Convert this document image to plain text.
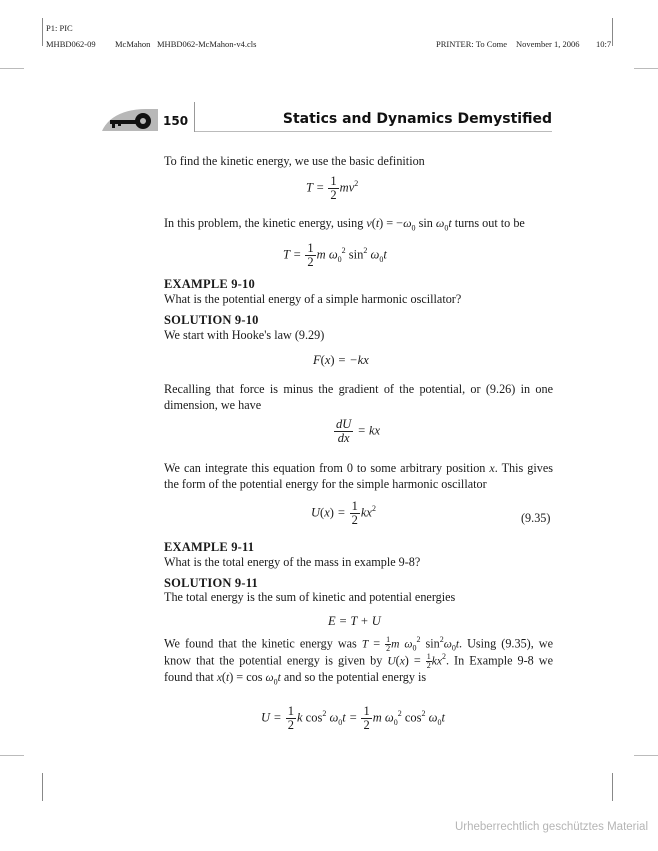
P1: PIC
MHBD062-09 McMahon MHBD062-McMahon-v4.cls	PRINTER: To Come November 1, 2006 10:7
150	Statics and Dynamics Demystified
To find the kinetic energy, we use the basic definition
$T = \frac{1}{2} mv^2$
In this problem, the kinetic energy, using $v(t) = -\omega_0$ $\sin \omega_0t$ turns out to be
$T = \frac{1}{2}$ m $\omega_0^2$ $\sin^2 \omega_0t$
EXAMPLE 9-10
What is the potential energy of a simple harmonic oscillator?
SOLUTION 9-10
We start with Hooke's law (9.29)
F(x) = −kx
Recalling that force is minus the gradient of the potential, or (9.26) in one dimension, we have
$\frac{dU}{dx}$ = kx
We can integrate this equation from 0 to some arbitrary position x. This gives the form of the potential energy for the simple harmonic oscillator
$U(x) = \frac{1}{2} kx^2$
(9.35)
EXAMPLE 9-11
What is the total energy of the mass in example 9-8?
SOLUTION 9-11
The total energy is the sum of kinetic and potential energies
E = T + U
We found that the kinetic energy was $T = \frac{1}{2}$ m $\omega_0^2$ $\sin^2\omega_0t$. Using (9.35), we know that the potential energy is given by $U(x) = \frac{1}{2} kx^2$. In Example 9-8 we found that $x(t) = \cos \omega_0t$ and so the potential energy is
$U = \frac{1}{2}$ k $\cos^2 \omega_0t = \frac{1}{2}$ m $\omega_0^2$ $\cos^2 \omega_0t$
Urheberrechtlich geschütztes Material
